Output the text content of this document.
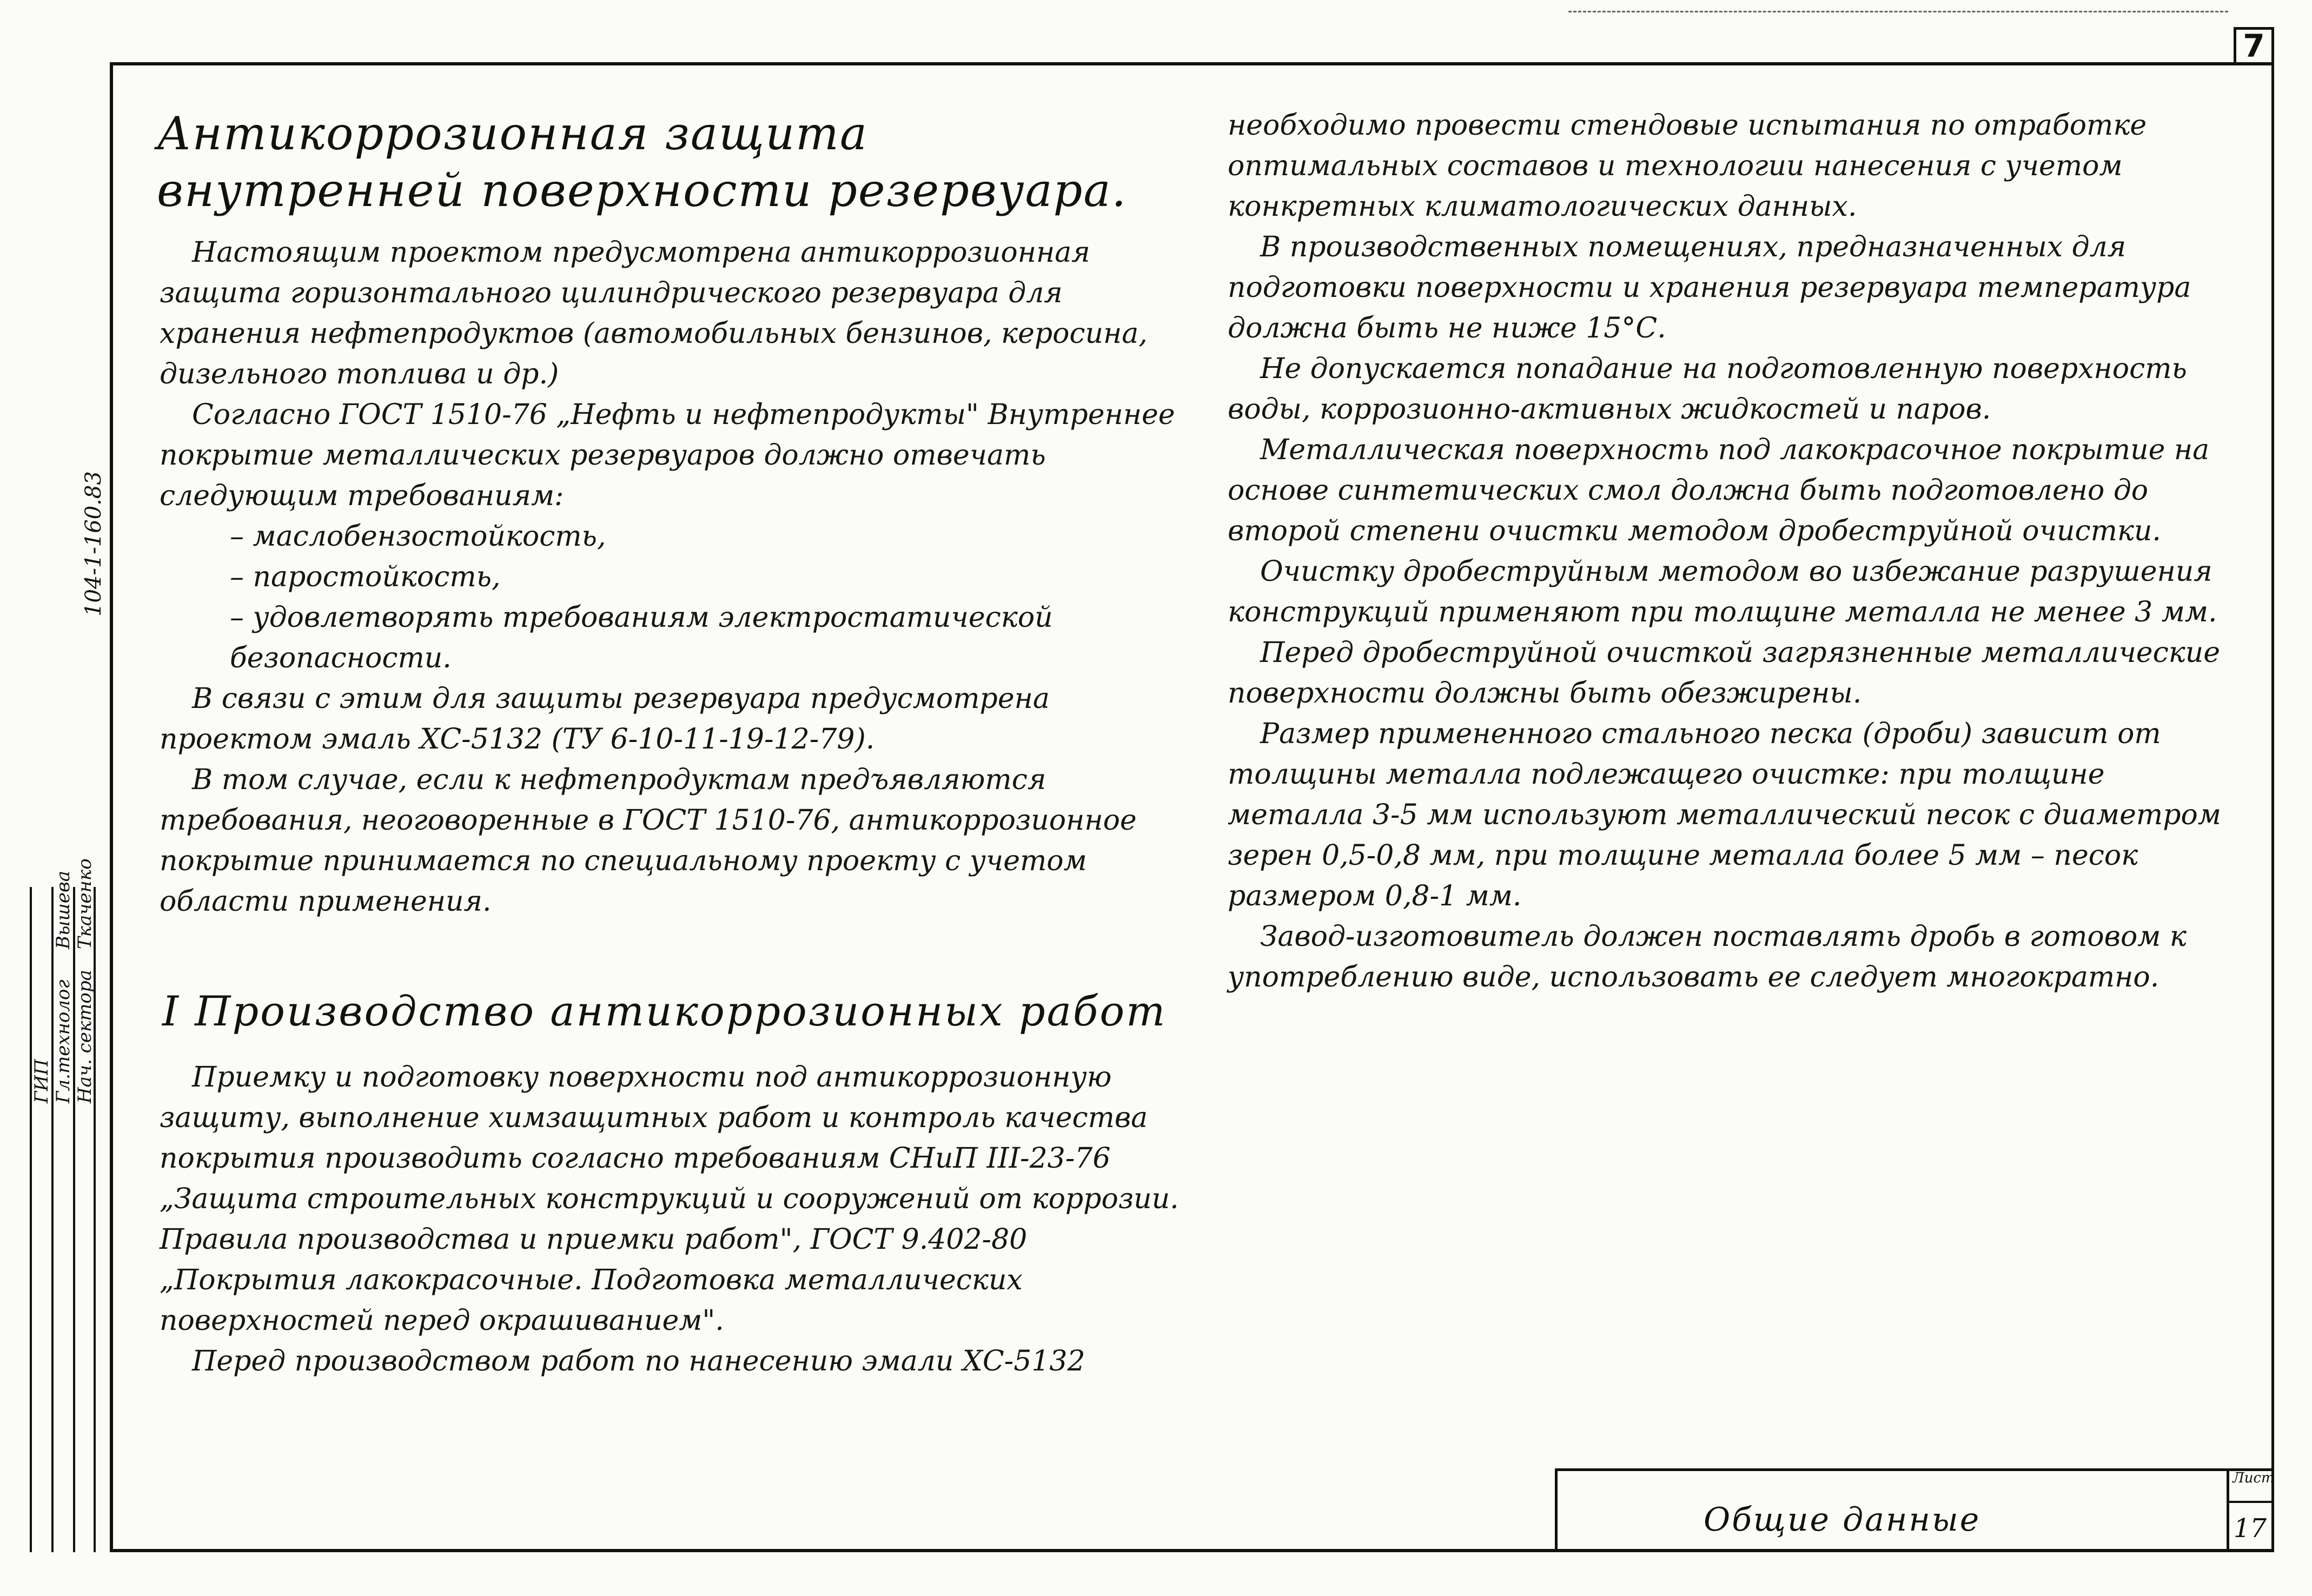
7
ГИП Гл.технолог Нач. сектора
Вышева Ткаченко
104-1-160.83
Антикоррозионная защита внутренней поверхности резервуара.

Настоящим проектом предусмотрена антикоррозионная защита горизонтального цилиндрического резервуара для хранения нефтепродуктов (автомобильных бензинов, керосина, дизельного топлива и др.)

Согласно ГОСТ 1510-76 „Нефть и нефтепродукты" Внутреннее покрытие металлических резервуаров должно отвечать следующим требованиям:

– маслобензостойкость,

– паростойкость,

– удовлетворять требованиям электростатической безопасности.

В связи с этим для защиты резервуара предусмотрена проектом эмаль ХС-5132 (ТУ 6-10-11-19-12-79).

В том случае, если к нефтепродуктам предъявляются требования, неоговоренные в ГОСТ 1510-76, антикоррозионное покрытие принимается по специальному проекту с учетом области применения.

I Производство антикоррозионных работ

Приемку и подготовку поверхности под антикоррозионную защиту, выполнение химзащитных работ и контроль качества покрытия производить согласно требованиям СНиП III-23-76 „Защита строительных конструкций и сооружений от коррозии. Правила производства и приемки работ", ГОСТ 9.402-80 „Покрытия лакокрасочные. Подготовка металлических поверхностей перед окрашиванием".

Перед производством работ по нанесению эмали ХС-5132

необходимо провести стендовые испытания по отработке оптимальных составов и технологии нанесения с учетом конкретных климатологических данных.

В производственных помещениях, предназначенных для подготовки поверхности и хранения резервуара температура должна быть не ниже 15°С.

Не допускается попадание на подготовленную поверхность воды, коррозионно-активных жидкостей и паров.

Металлическая поверхность под лакокрасочное покрытие на основе синтетических смол должна быть подготовлено до второй степени очистки методом дробеструйной очистки.

Очистку дробеструйным методом во избежание разрушения конструкций применяют при толщине металла не менее 3 мм.

Перед дробеструйной очисткой загрязненные металлические поверхности должны быть обезжирены.

Размер примененного стального песка (дроби) зависит от толщины металла подлежащего очистке: при толщине металла 3-5 мм используют металлический песок с диаметром зерен 0,5-0,8 мм, при толщине металла более 5 мм – песок размером 0,8-1 мм.

Завод-изготовитель должен поставлять дробь в готовом к употреблению виде, использовать ее следует многократно.

Общие данные
Лист
17
